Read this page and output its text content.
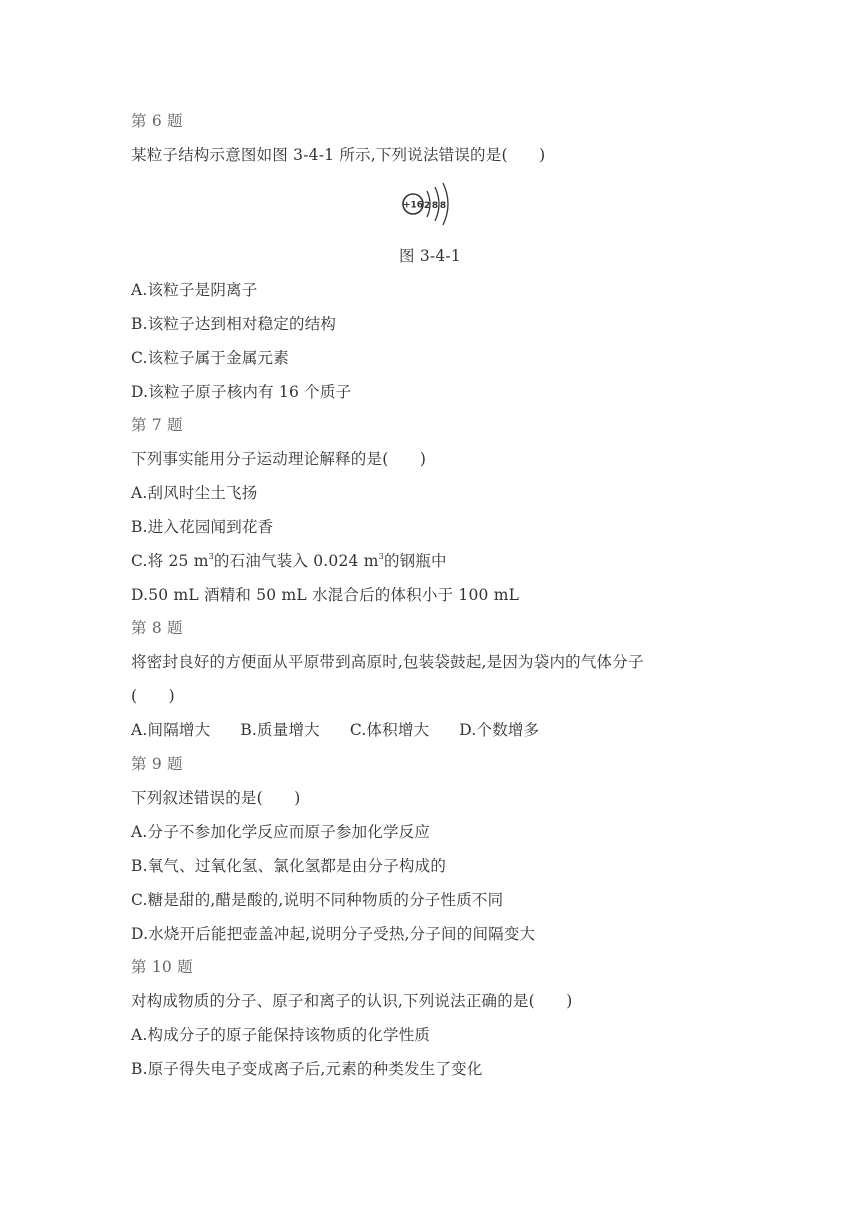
第 6 题

某粒子结构示意图如图 3-4-1 所示,下列说法错误的是(　　)

+16 2 8 8

图 3-4-1

A.该粒子是阴离子

B.该粒子达到相对稳定的结构

C.该粒子属于金属元素

D.该粒子原子核内有 16 个质子

第 7 题

下列事实能用分子运动理论解释的是(　　)

A.刮风时尘土飞扬

B.进入花园闻到花香

C.将 25 $m^3$的石油气装入 0.024 $m^3$的钢瓶中

D.50 mL 酒精和 50 mL 水混合后的体积小于 100 mL

第 8 题

将密封良好的方便面从平原带到高原时,包装袋鼓起,是因为袋内的气体分子

(　　)

A.间隔增大 B.质量增大 C.体积增大 D.个数增多

第 9 题

下列叙述错误的是(　　)

A.分子不参加化学反应而原子参加化学反应

B.氧气、过氧化氢、氯化氢都是由分子构成的

C.糖是甜的,醋是酸的,说明不同种物质的分子性质不同

D.水烧开后能把壶盖冲起,说明分子受热,分子间的间隔变大

第 10 题

对构成物质的分子、原子和离子的认识,下列说法正确的是(　　)

A.构成分子的原子能保持该物质的化学性质

B.原子得失电子变成离子后,元素的种类发生了变化
